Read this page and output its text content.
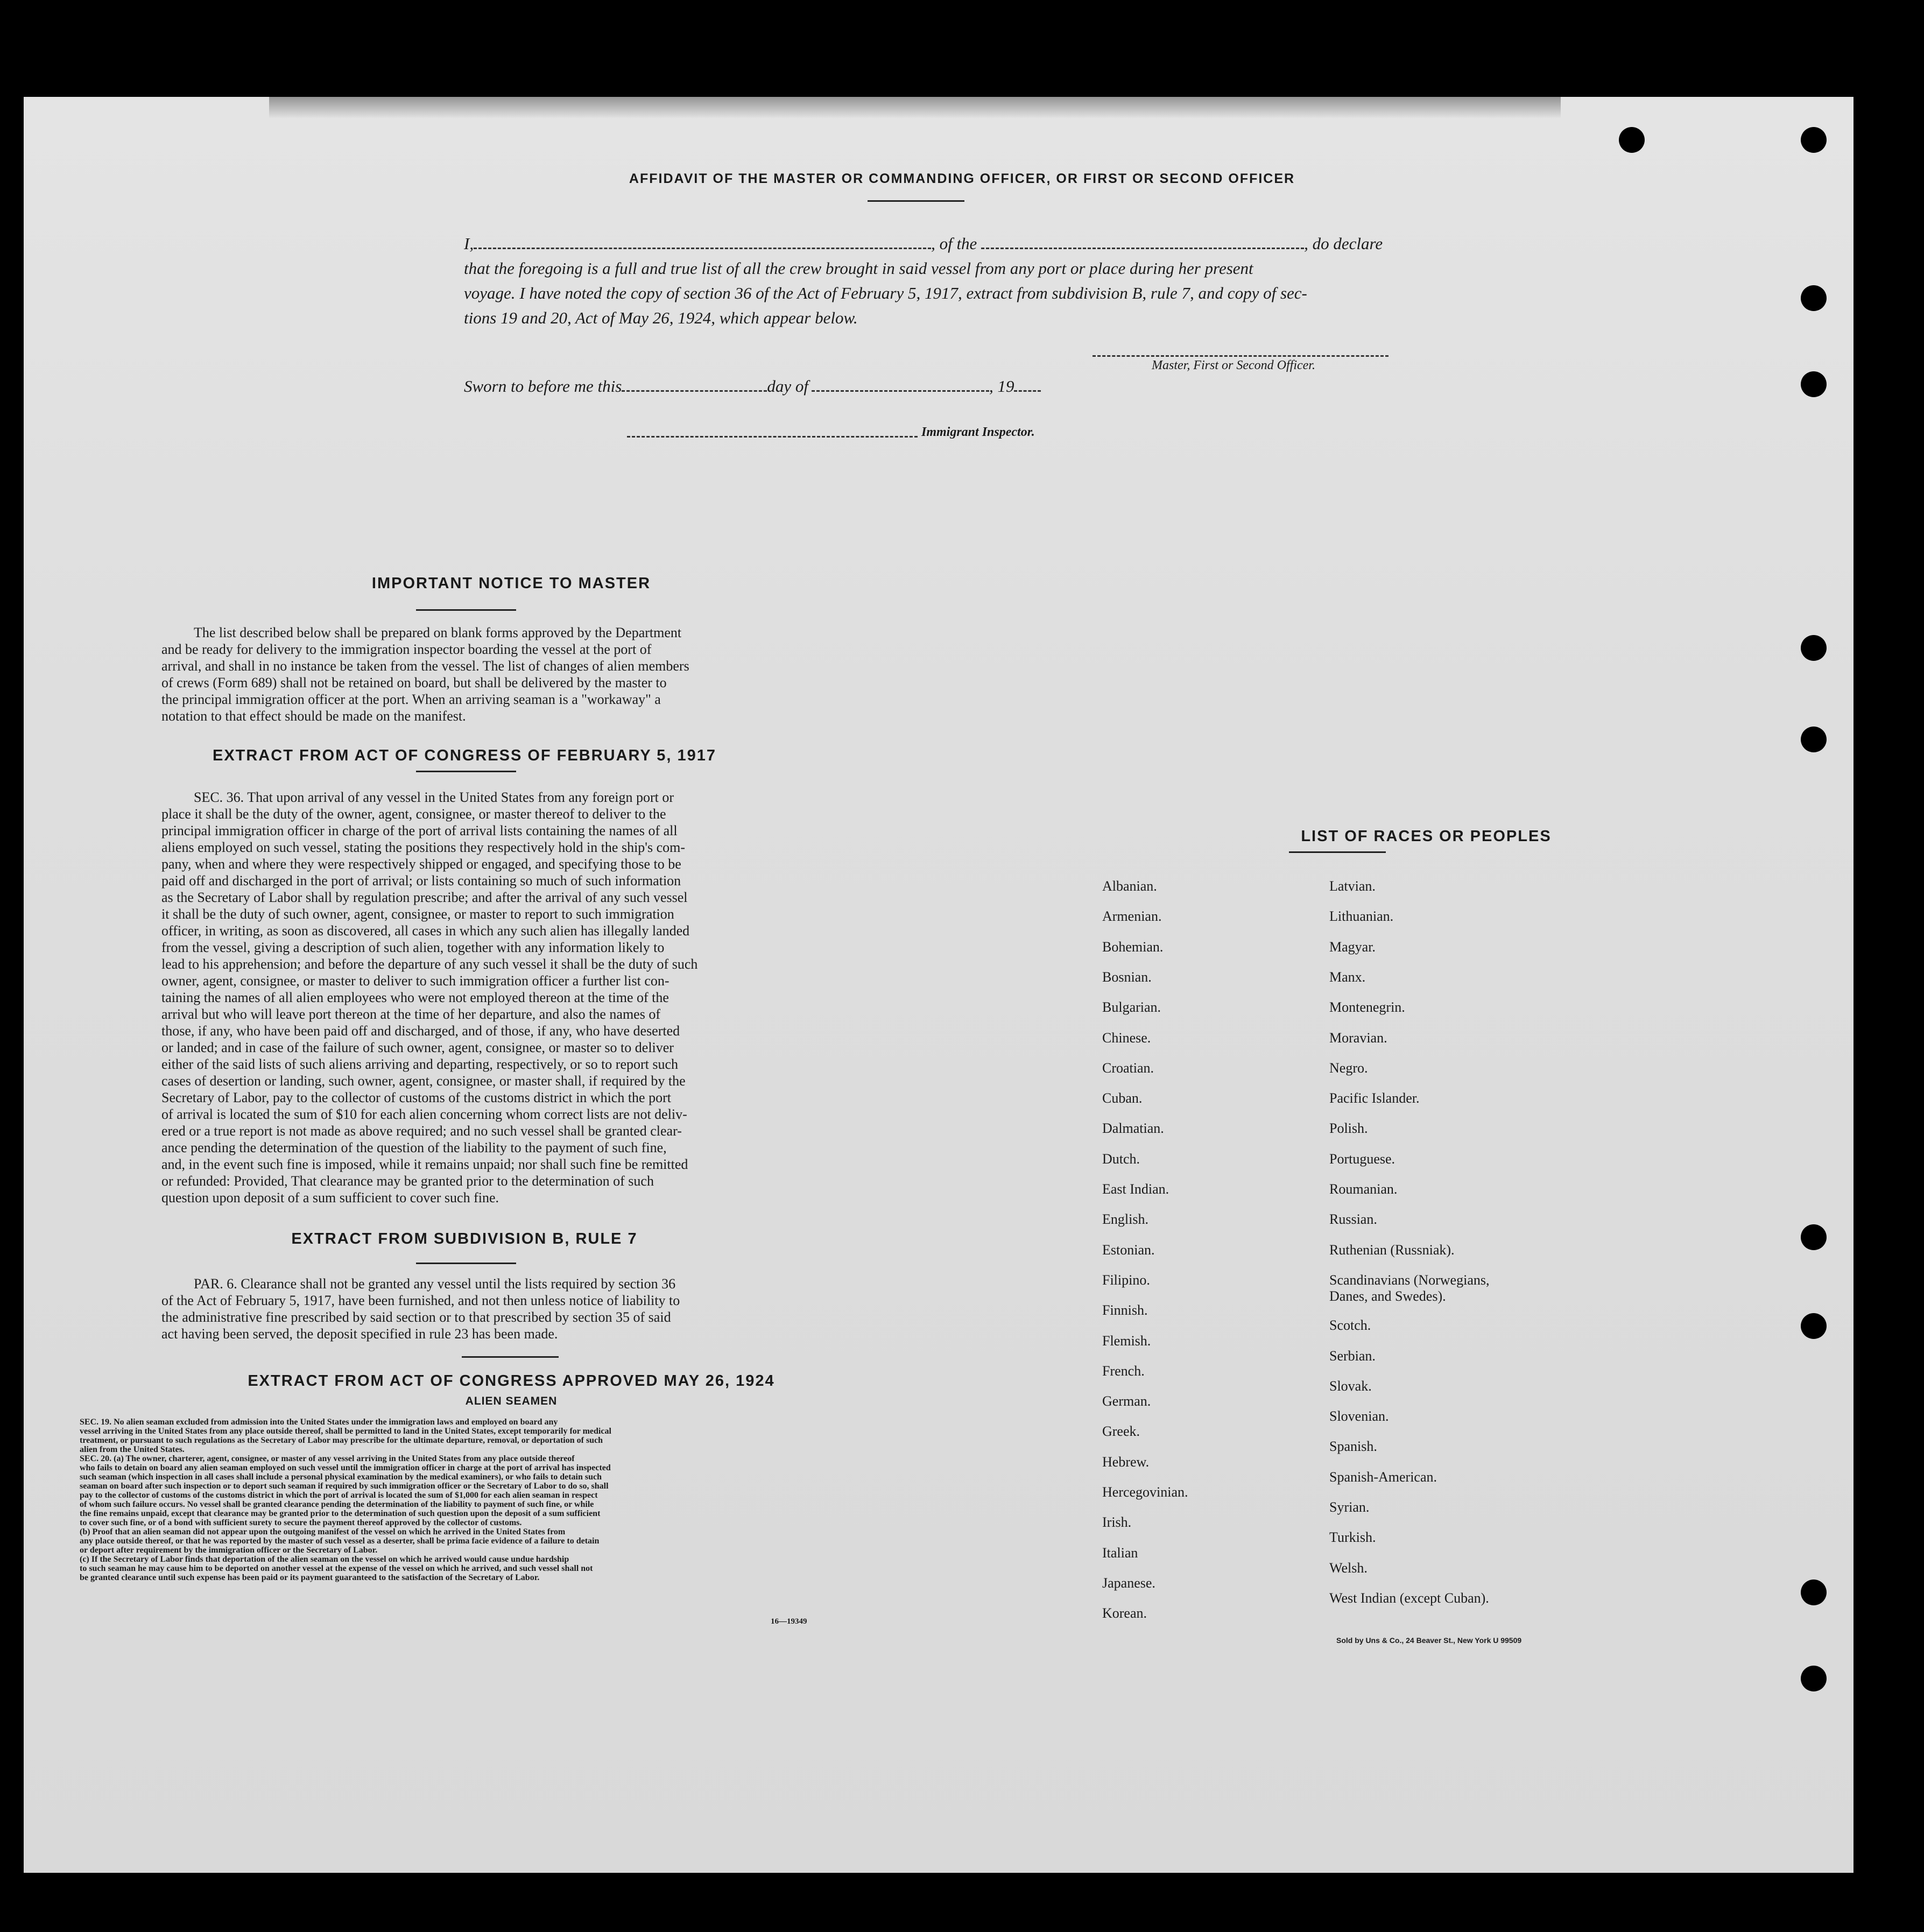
AFFIDAVIT OF THE MASTER OR COMMANDING OFFICER, OR FIRST OR SECOND OFFICER
I,	, of the	, do declare
that the foregoing is a full and true list of all the crew brought in said vessel from any port or place during her present
voyage. I have noted the copy of section 36 of the Act of February 5, 1917, extract from subdivision B, rule 7, and copy of sec-
tions 19 and 20, Act of May 26, 1924, which appear below.
Master, First or Second Officer.
Sworn to before me this	day of	, 19
Immigrant Inspector.
IMPORTANT NOTICE TO MASTER
The list described below shall be prepared on blank forms approved by the Department
and be ready for delivery to the immigration inspector boarding the vessel at the port of
arrival, and shall in no instance be taken from the vessel. The list of changes of alien members
of crews (Form 689) shall not be retained on board, but shall be delivered by the master to
the principal immigration officer at the port. When an arriving seaman is a "workaway" a
notation to that effect should be made on the manifest.
EXTRACT FROM ACT OF CONGRESS OF FEBRUARY 5, 1917
SEC. 36. That upon arrival of any vessel in the United States from any foreign port or
place it shall be the duty of the owner, agent, consignee, or master thereof to deliver to the
principal immigration officer in charge of the port of arrival lists containing the names of all
aliens employed on such vessel, stating the positions they respectively hold in the ship's com-
pany, when and where they were respectively shipped or engaged, and specifying those to be
paid off and discharged in the port of arrival; or lists containing so much of such information
as the Secretary of Labor shall by regulation prescribe; and after the arrival of any such vessel
it shall be the duty of such owner, agent, consignee, or master to report to such immigration
officer, in writing, as soon as discovered, all cases in which any such alien has illegally landed
from the vessel, giving a description of such alien, together with any information likely to
lead to his apprehension; and before the departure of any such vessel it shall be the duty of such
owner, agent, consignee, or master to deliver to such immigration officer a further list con-
taining the names of all alien employees who were not employed thereon at the time of the
arrival but who will leave port thereon at the time of her departure, and also the names of
those, if any, who have been paid off and discharged, and of those, if any, who have deserted
or landed; and in case of the failure of such owner, agent, consignee, or master so to deliver
either of the said lists of such aliens arriving and departing, respectively, or so to report such
cases of desertion or landing, such owner, agent, consignee, or master shall, if required by the
Secretary of Labor, pay to the collector of customs of the customs district in which the port
of arrival is located the sum of $10 for each alien concerning whom correct lists are not deliv-
ered or a true report is not made as above required; and no such vessel shall be granted clear-
ance pending the determination of the question of the liability to the payment of such fine,
and, in the event such fine is imposed, while it remains unpaid; nor shall such fine be remitted
or refunded: Provided, That clearance may be granted prior to the determination of such
question upon deposit of a sum sufficient to cover such fine.
EXTRACT FROM SUBDIVISION B, RULE 7
PAR. 6. Clearance shall not be granted any vessel until the lists required by section 36
of the Act of February 5, 1917, have been furnished, and not then unless notice of liability to
the administrative fine prescribed by said section or to that prescribed by section 35 of said
act having been served, the deposit specified in rule 23 has been made.
EXTRACT FROM ACT OF CONGRESS APPROVED MAY 26, 1924
ALIEN SEAMEN
SEC. 19. No alien seaman excluded from admission into the United States under the immigration laws and employed on board any
vessel arriving in the United States from any place outside thereof, shall be permitted to land in the United States, except temporarily for medical
treatment, or pursuant to such regulations as the Secretary of Labor may prescribe for the ultimate departure, removal, or deportation of such
alien from the United States.
SEC. 20. (a) The owner, charterer, agent, consignee, or master of any vessel arriving in the United States from any place outside thereof
who fails to detain on board any alien seaman employed on such vessel until the immigration officer in charge at the port of arrival has inspected
such seaman (which inspection in all cases shall include a personal physical examination by the medical examiners), or who fails to detain such
seaman on board after such inspection or to deport such seaman if required by such immigration officer or the Secretary of Labor to do so, shall
pay to the collector of customs of the customs district in which the port of arrival is located the sum of $1,000 for each alien seaman in respect
of whom such failure occurs. No vessel shall be granted clearance pending the determination of the liability to payment of such fine, or while
the fine remains unpaid, except that clearance may be granted prior to the determination of such question upon the deposit of a sum sufficient
to cover such fine, or of a bond with sufficient surety to secure the payment thereof approved by the collector of customs.
(b) Proof that an alien seaman did not appear upon the outgoing manifest of the vessel on which he arrived in the United States from
any place outside thereof, or that he was reported by the master of such vessel as a deserter, shall be prima facie evidence of a failure to detain
or deport after requirement by the immigration officer or the Secretary of Labor.
(c) If the Secretary of Labor finds that deportation of the alien seaman on the vessel on which he arrived would cause undue hardship
to such seaman he may cause him to be deported on another vessel at the expense of the vessel on which he arrived, and such vessel shall not
be granted clearance until such expense has been paid or its payment guaranteed to the satisfaction of the Secretary of Labor.
16—19349
LIST OF RACES OR PEOPLES
Albanian.
Armenian.
Bohemian.
Bosnian.
Bulgarian.
Chinese.
Croatian.
Cuban.
Dalmatian.
Dutch.
East Indian.
English.
Estonian.
Filipino.
Finnish.
Flemish.
French.
German.
Greek.
Hebrew.
Hercegovinian.
Irish.
Italian
Japanese.
Korean.
Latvian.
Lithuanian.
Magyar.
Manx.
Montenegrin.
Moravian.
Negro.
Pacific Islander.
Polish.
Portuguese.
Roumanian.
Russian.
Ruthenian (Russniak).
Scandinavians (Norwegians,
Danes, and Swedes).
Scotch.
Serbian.
Slovak.
Slovenian.
Spanish.
Spanish-American.
Syrian.
Turkish.
Welsh.
West Indian (except Cuban).
Sold by Uns & Co., 24 Beaver St., New York U 99509
